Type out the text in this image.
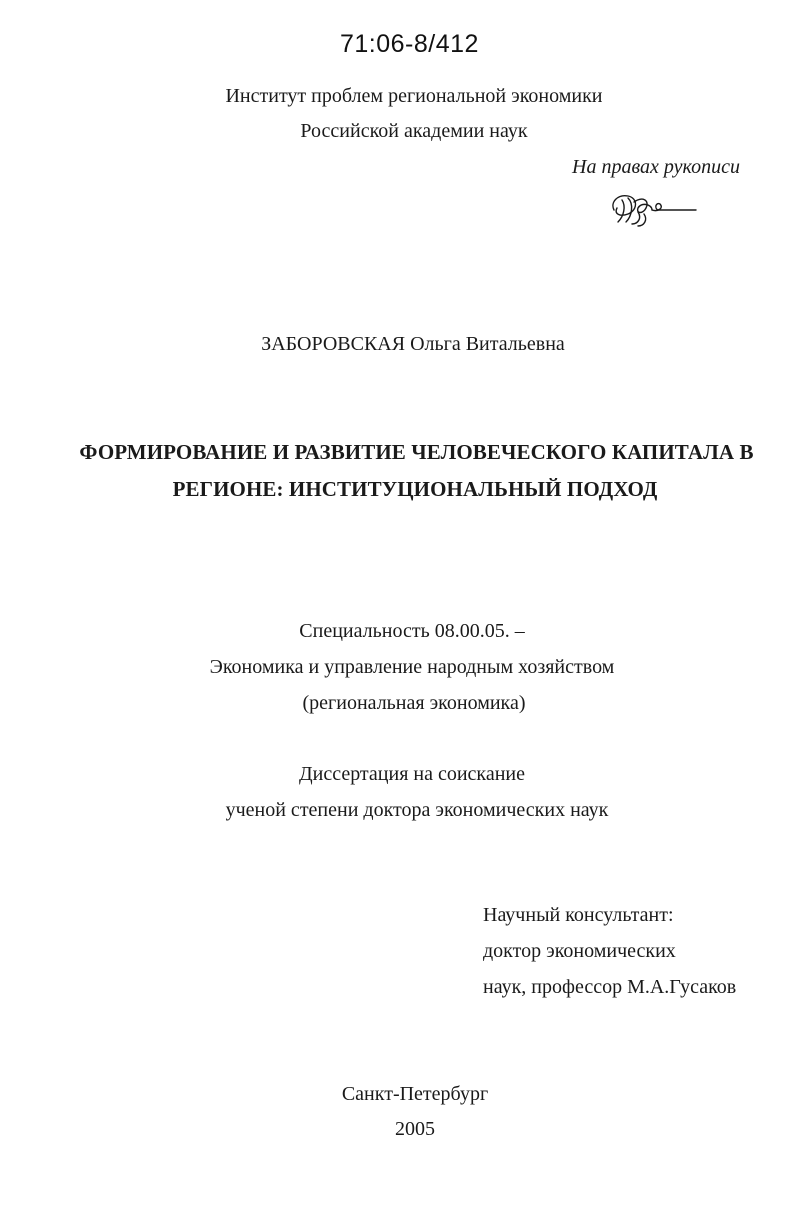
71:06-8/412
Институт проблем региональной экономики
Российской академии наук
На правах рукописи
ЗАБОРОВСКАЯ Ольга Витальевна
ФОРМИРОВАНИЕ И РАЗВИТИЕ ЧЕЛОВЕЧЕСКОГО КАПИТАЛА В
РЕГИОНЕ: ИНСТИТУЦИОНАЛЬНЫЙ ПОДХОД
Специальность 08.00.05. –
Экономика и управление народным хозяйством
(региональная экономика)
Диссертация на соискание
ученой степени доктора экономических наук
Научный консультант:
доктор экономических
наук, профессор М.А.Гусаков
Санкт-Петербург
2005
